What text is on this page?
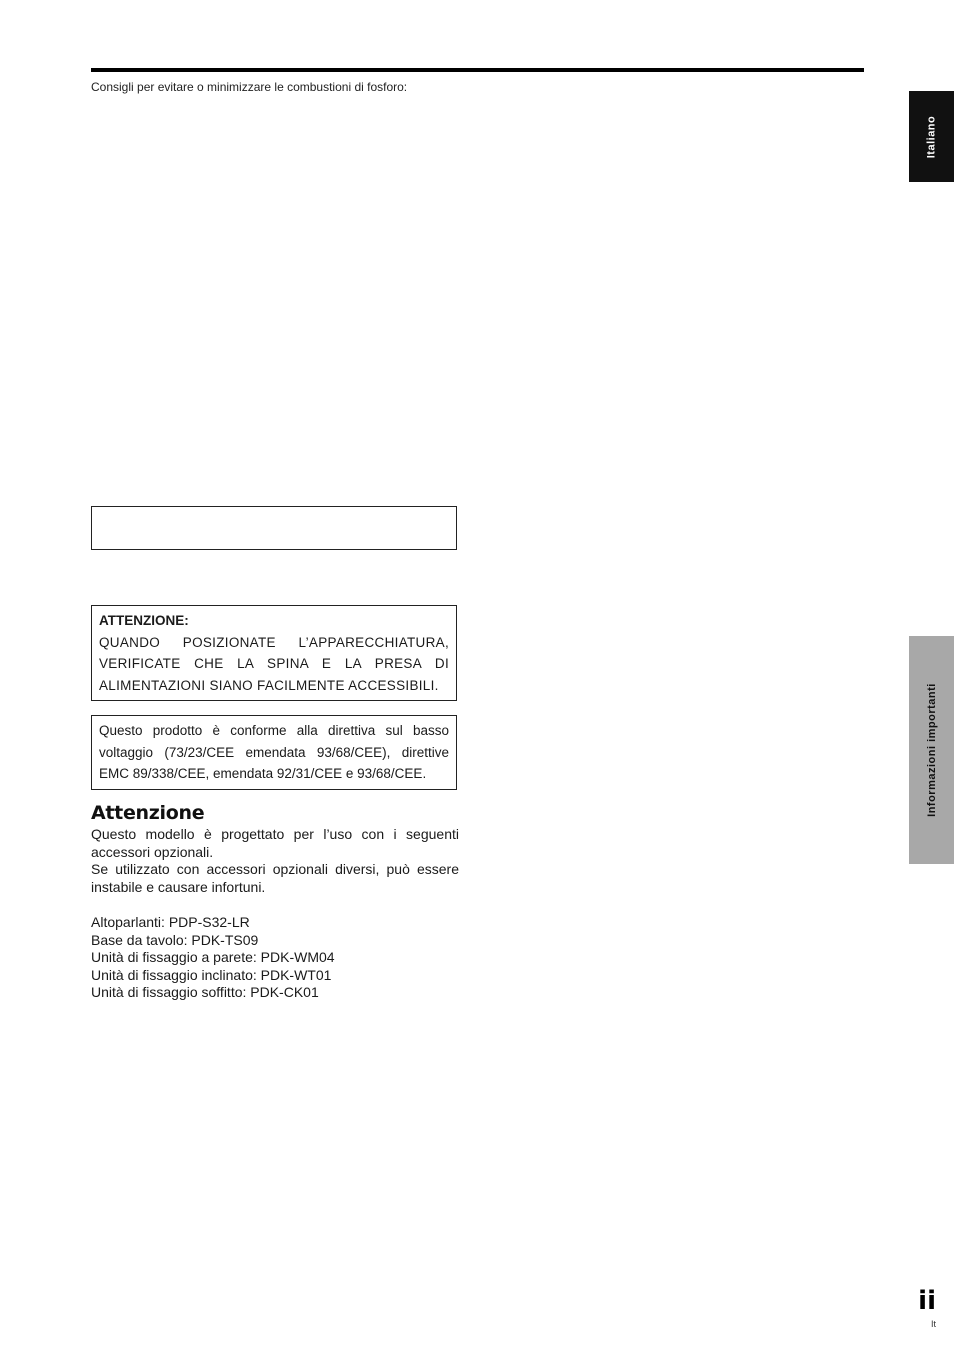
Consigli per evitare o minimizzare le combustioni di fosforo:
Italiano
Informazioni importanti
ATTENZIONE:
QUANDO POSIZIONATE L’APPARECCHIATURA, VERIFICATE CHE LA SPINA E LA PRESA DI ALIMENTAZIONI SIANO FACILMENTE ACCESSIBILI.
Questo prodotto è conforme alla direttiva sul basso voltaggio (73/23/CEE emendata 93/68/CEE), direttive EMC 89/338/CEE, emendata 92/31/CEE e 93/68/CEE.
Attenzione
Questo modello è progettato per l’uso con i seguenti accessori opzionali.
Se utilizzato con accessori opzionali diversi, può essere instabile e causare infortuni.
Altoparlanti: PDP-S32-LR
Base da tavolo: PDK-TS09
Unità di fissaggio a parete: PDK-WM04
Unità di fissaggio inclinato: PDK-WT01
Unità di fissaggio soffitto: PDK-CK01
ii
It
